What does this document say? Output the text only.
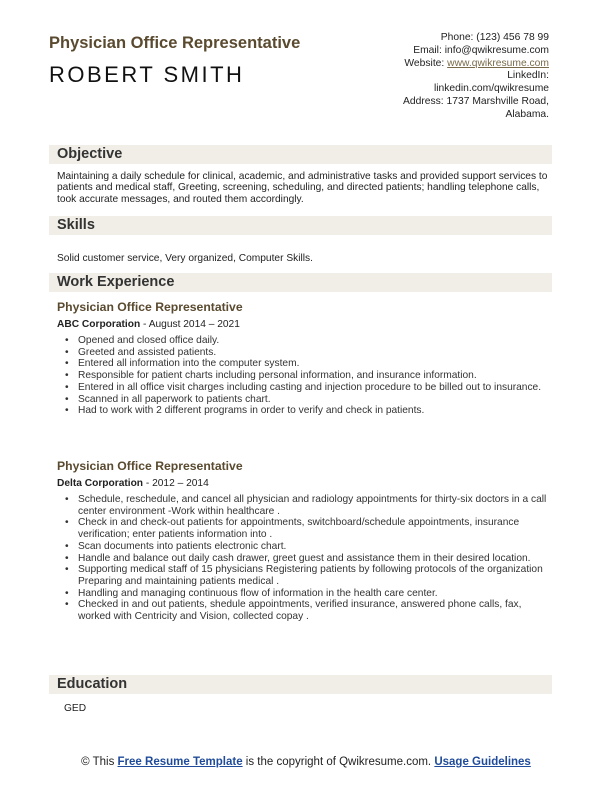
Physician Office Representative
ROBERT SMITH
Phone: (123) 456 78 99
Email: info@qwikresume.com
Website: www.qwikresume.com
LinkedIn:
linkedin.com/qwikresume
Address: 1737 Marshville Road,
Alabama.
Objective
Maintaining a daily schedule for clinical, academic, and administrative tasks and provided support services to patients and medical staff, Greeting, screening, scheduling, and directed patients; handling telephone calls, took accurate messages, and routed them accordingly.
Skills
Solid customer service, Very organized, Computer Skills.
Work Experience
Physician Office Representative
ABC Corporation - August 2014 – 2021
• Opened and closed office daily.
• Greeted and assisted patients.
• Entered all information into the computer system.
• Responsible for patient charts including personal information, and insurance information.
• Entered in all office visit charges including casting and injection procedure to be billed out to insurance.
• Scanned in all paperwork to patients chart.
• Had to work with 2 different programs in order to verify and check in patients.
Physician Office Representative
Delta Corporation - 2012 – 2014
• Schedule, reschedule, and cancel all physician and radiology appointments for thirty-six doctors in a call center environment -Work within healthcare .
• Check in and check-out patients for appointments, switchboard/schedule appointments, insurance verification; enter patients information into .
• Scan documents into patients electronic chart.
• Handle and balance out daily cash drawer, greet guest and assistance them in their desired location.
• Supporting medical staff of 15 physicians Registering patients by following protocols of the organization Preparing and maintaining patients medical .
• Handling and managing continuous flow of information in the health care center.
• Checked in and out patients, shedule appointments, verified insurance, answered phone calls, fax, worked with Centricity and Vision, collected copay .
Education
GED
© This Free Resume Template is the copyright of Qwikresume.com. Usage Guidelines
